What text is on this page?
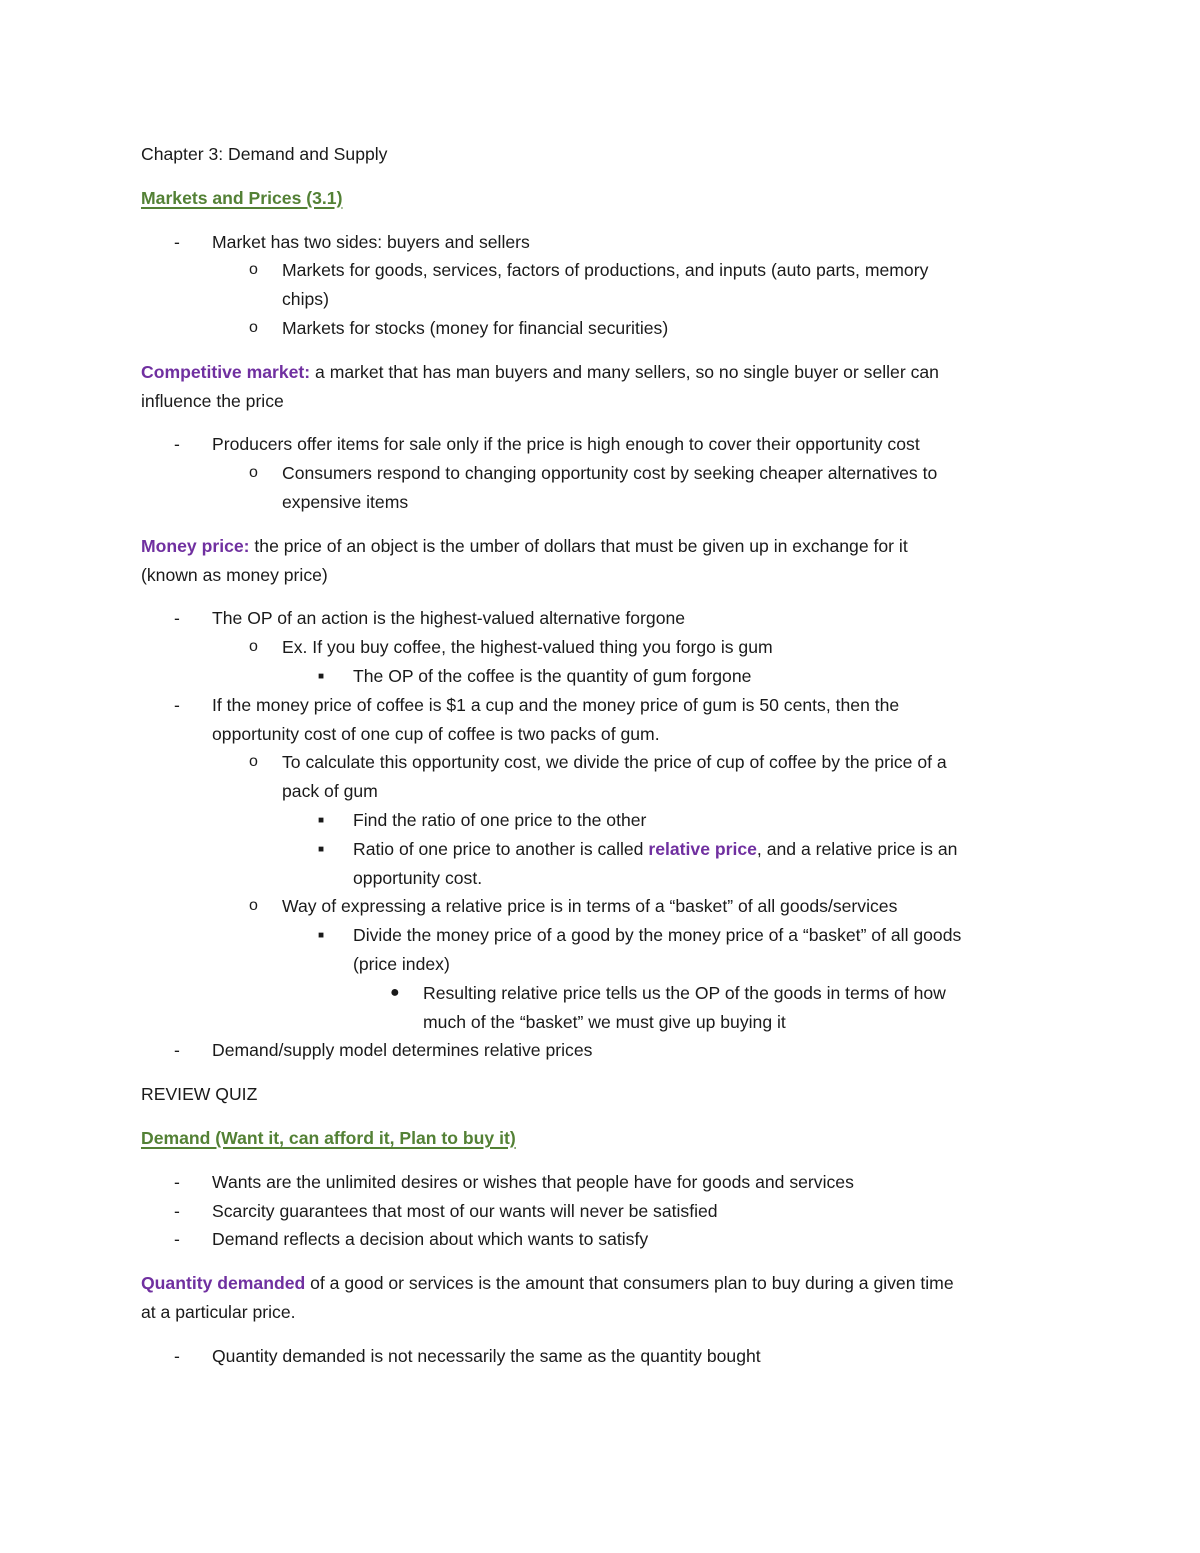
Chapter 3: Demand and Supply
Markets and Prices (3.1)
- Market has two sides: buyers and sellers
o Markets for goods, services, factors of productions, and inputs (auto parts, memory
chips)
o Markets for stocks (money for financial securities)
Competitive market: a market that has man buyers and many sellers, so no single buyer or seller can
influence the price
- Producers offer items for sale only if the price is high enough to cover their opportunity cost
o Consumers respond to changing opportunity cost by seeking cheaper alternatives to
expensive items
Money price: the price of an object is the umber of dollars that must be given up in exchange for it
(known as money price)
- The OP of an action is the highest-valued alternative forgone
o Ex. If you buy coffee, the highest-valued thing you forgo is gum
■ The OP of the coffee is the quantity of gum forgone
- If the money price of coffee is $1 a cup and the money price of gum is 50 cents, then the
opportunity cost of one cup of coffee is two packs of gum.
o To calculate this opportunity cost, we divide the price of cup of coffee by the price of a
pack of gum
■ Find the ratio of one price to the other
■ Ratio of one price to another is called relative price, and a relative price is an
opportunity cost.
o Way of expressing a relative price is in terms of a “basket” of all goods/services
■ Divide the money price of a good by the money price of a “basket” of all goods
(price index)
● Resulting relative price tells us the OP of the goods in terms of how
much of the “basket” we must give up buying it
- Demand/supply model determines relative prices
REVIEW QUIZ
Demand (Want it, can afford it, Plan to buy it)
- Wants are the unlimited desires or wishes that people have for goods and services
- Scarcity guarantees that most of our wants will never be satisfied
- Demand reflects a decision about which wants to satisfy
Quantity demanded of a good or services is the amount that consumers plan to buy during a given time
at a particular price.
- Quantity demanded is not necessarily the same as the quantity bought
